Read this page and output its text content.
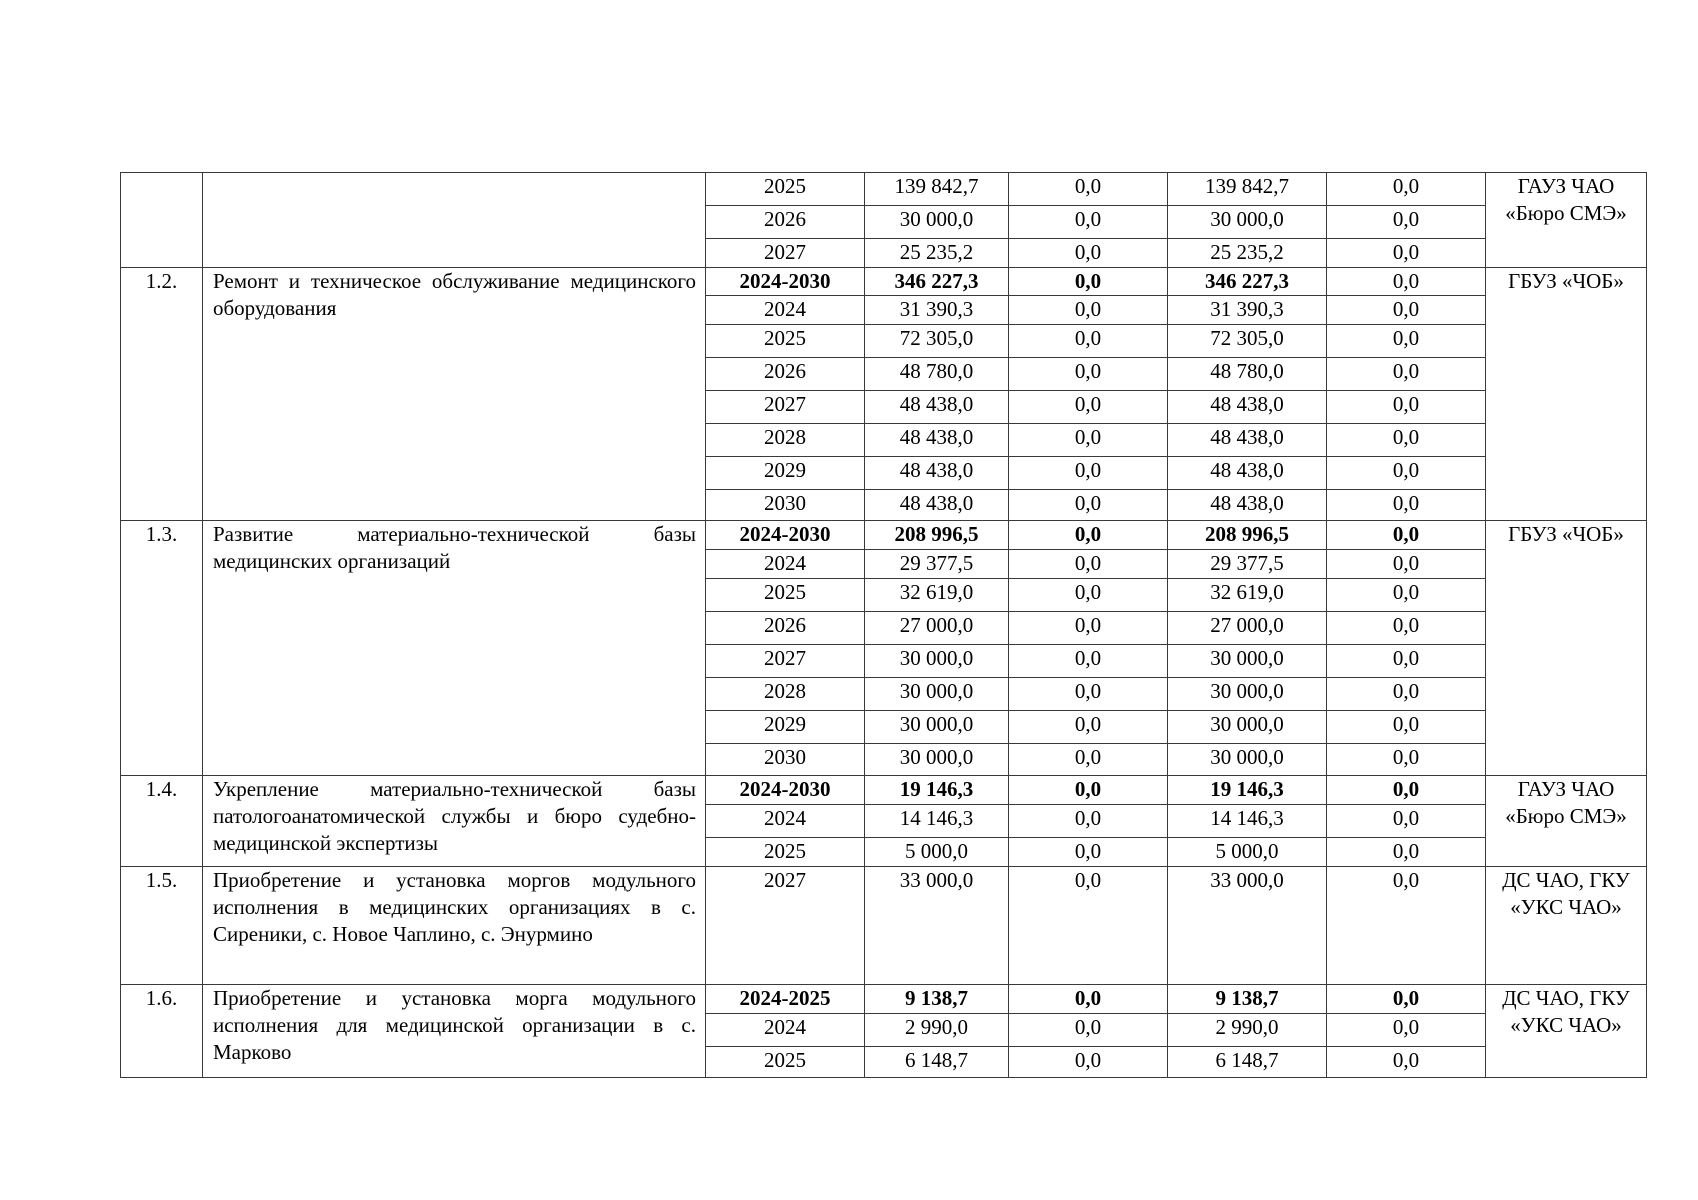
		2025	139 842,7	0,0	139 842,7	0,0	ГАУЗ ЧАО «Бюро СМЭ»
		2026	30 000,0	0,0	30 000,0	0,0	
		2027	25 235,2	0,0	25 235,2	0,0	
1.2.	Ремонт и техническое обслуживание медицинского оборудования	2024-2030	346 227,3	0,0	346 227,3	0,0	ГБУЗ «ЧОБ»
		2024	31 390,3	0,0	31 390,3	0,0	
		2025	72 305,0	0,0	72 305,0	0,0	
		2026	48 780,0	0,0	48 780,0	0,0	
		2027	48 438,0	0,0	48 438,0	0,0	
		2028	48 438,0	0,0	48 438,0	0,0	
		2029	48 438,0	0,0	48 438,0	0,0	
		2030	48 438,0	0,0	48 438,0	0,0	
1.3.	Развитие материально-технической базы медицинских организаций	2024-2030	208 996,5	0,0	208 996,5	0,0	ГБУЗ «ЧОБ»
		2024	29 377,5	0,0	29 377,5	0,0	
		2025	32 619,0	0,0	32 619,0	0,0	
		2026	27 000,0	0,0	27 000,0	0,0	
		2027	30 000,0	0,0	30 000,0	0,0	
		2028	30 000,0	0,0	30 000,0	0,0	
		2029	30 000,0	0,0	30 000,0	0,0	
		2030	30 000,0	0,0	30 000,0	0,0	
1.4.	Укрепление материально-технической базы патологоанатомической службы и бюро судебно-медицинской экспертизы	2024-2030	19 146,3	0,0	19 146,3	0,0	ГАУЗ ЧАО «Бюро СМЭ»
		2024	14 146,3	0,0	14 146,3	0,0	
		2025	5 000,0	0,0	5 000,0	0,0	
1.5.	Приобретение и установка моргов модульного исполнения в медицинских организациях в с. Сиреники, с. Новое Чаплино, с. Энурмино	2027	33 000,0	0,0	33 000,0	0,0	ДС ЧАО, ГКУ «УКС ЧАО»
1.6.	Приобретение и установка морга модульного исполнения для медицинской организации в с. Марково	2024-2025	9 138,7	0,0	9 138,7	0,0	ДС ЧАО, ГКУ «УКС ЧАО»
		2024	2 990,0	0,0	2 990,0	0,0	
		2025	6 148,7	0,0	6 148,7	0,0	
